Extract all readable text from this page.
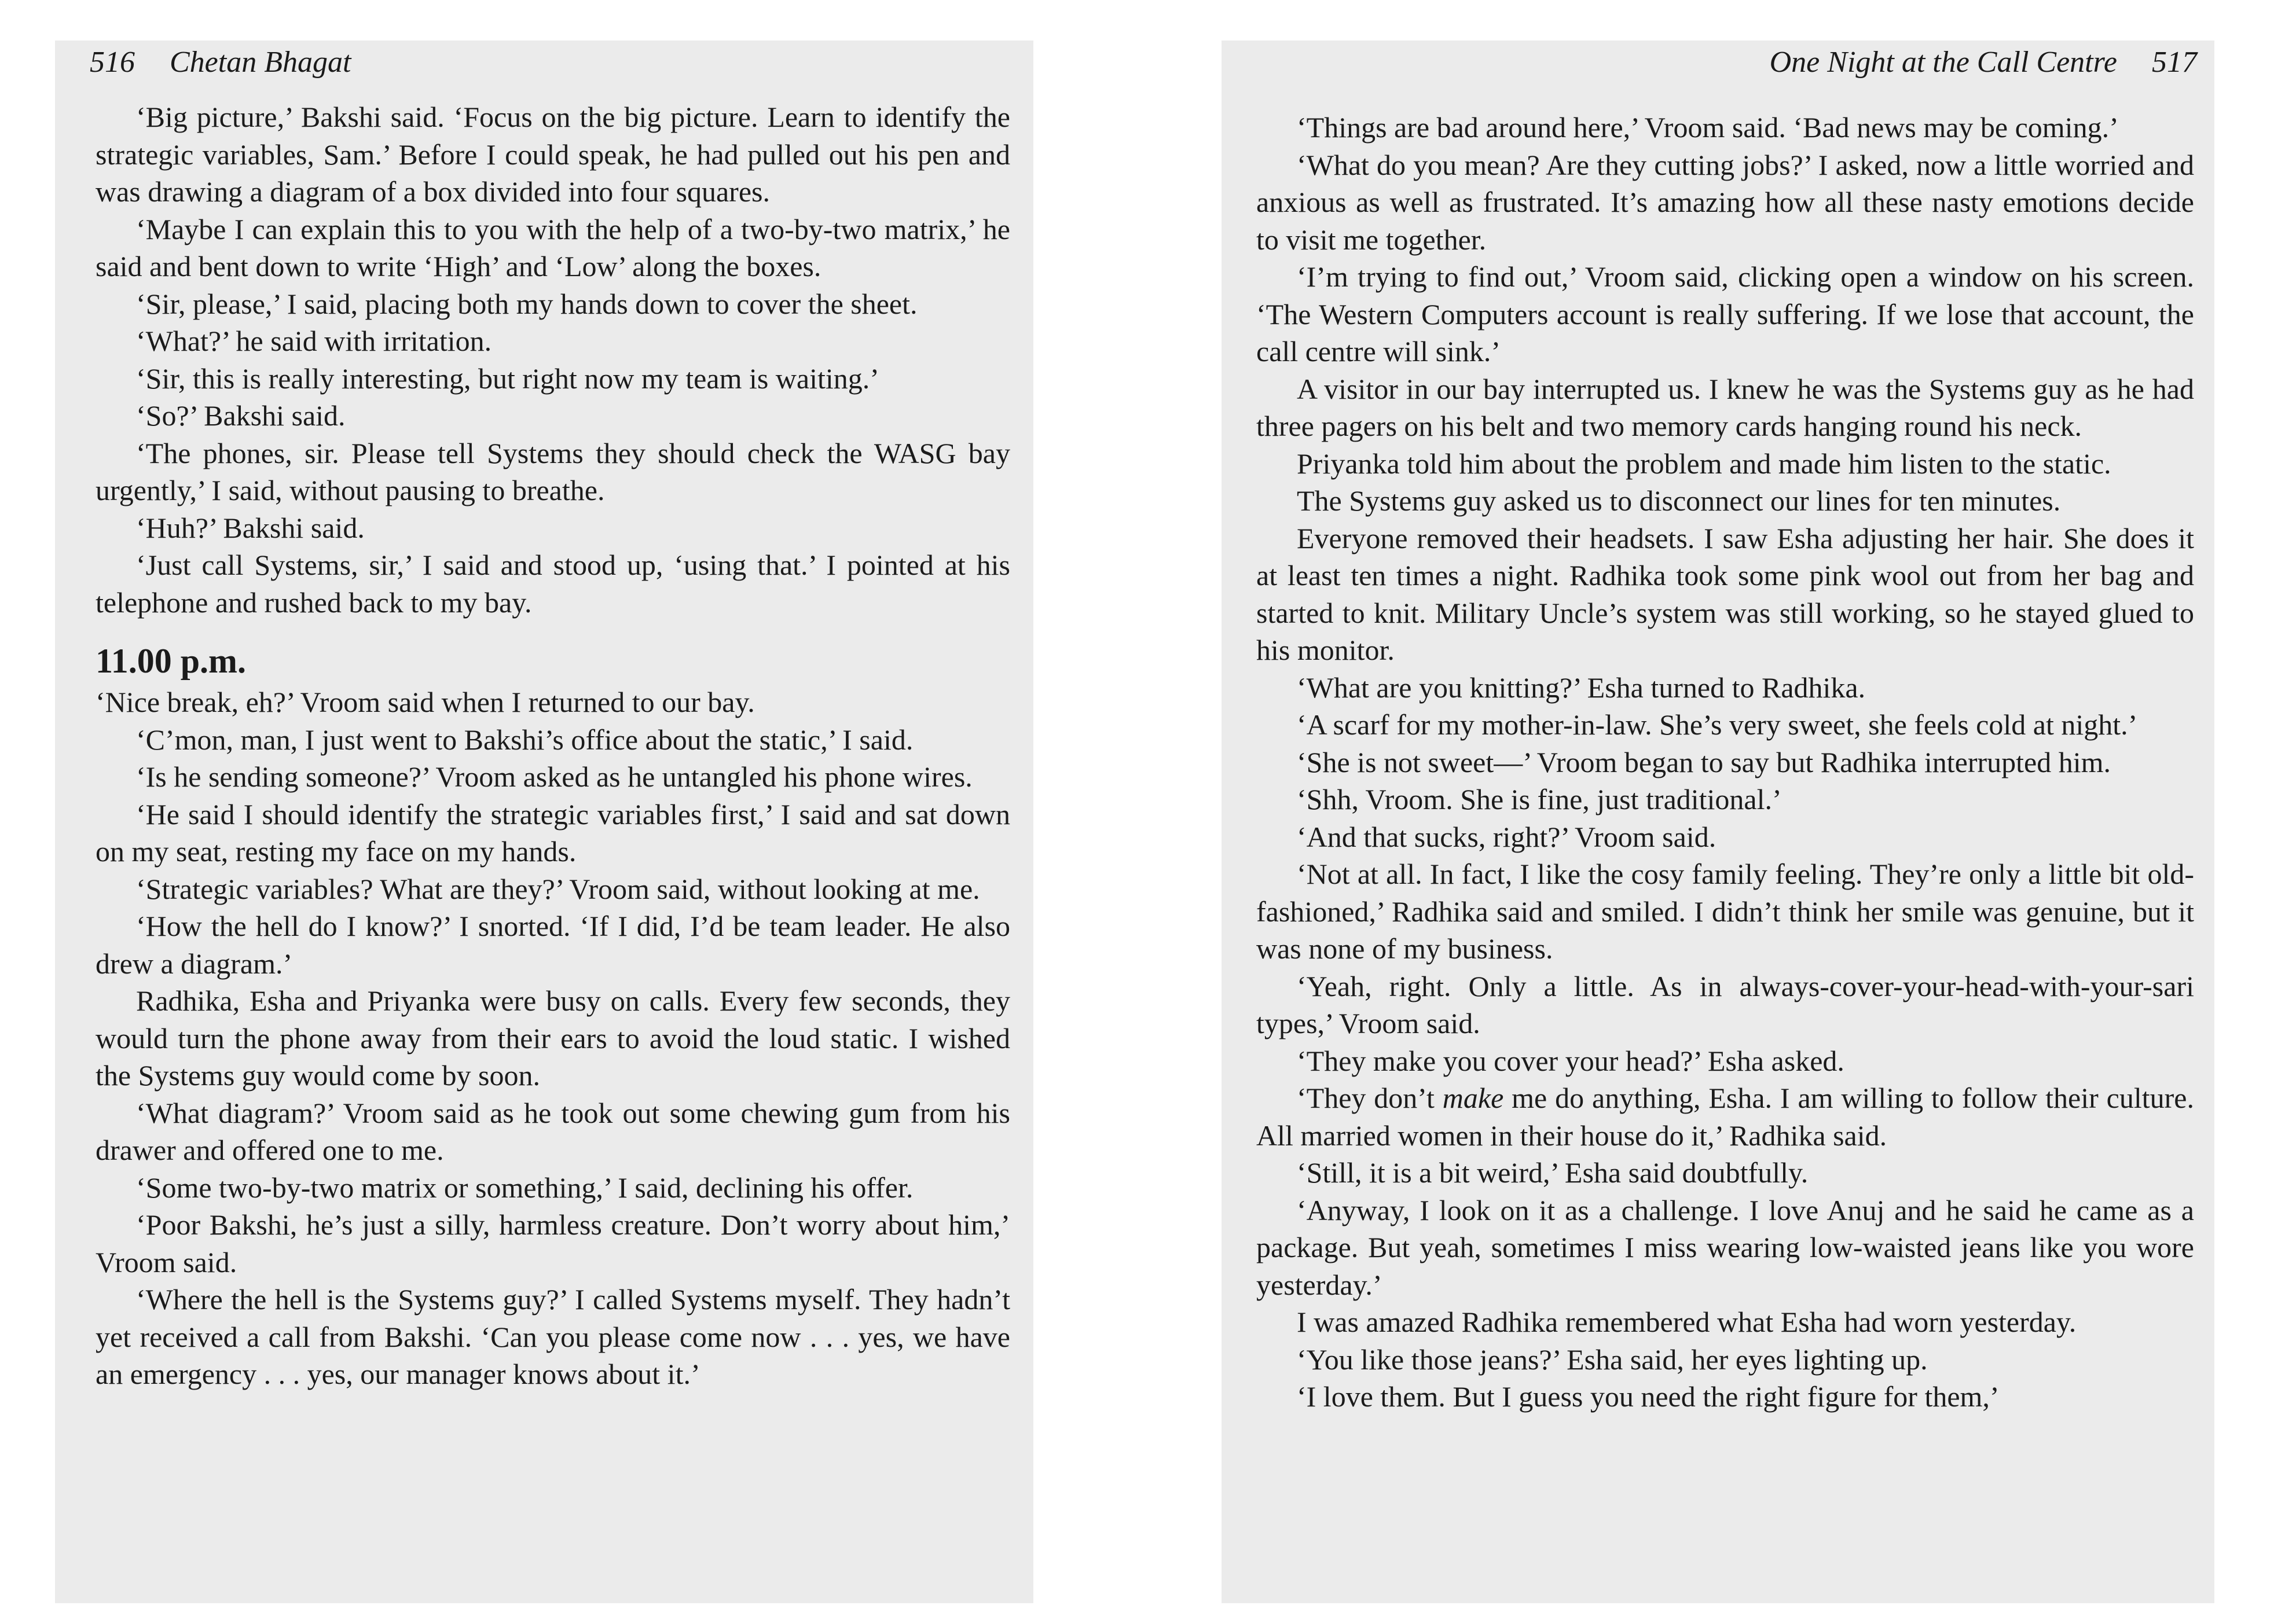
516 Chetan Bhagat

‘Big picture,’ Bakshi said. ‘Focus on the big picture. Learn to identify the strategic variables, Sam.’ Before I could speak, he had pulled out his pen and was drawing a diagram of a box divided into four squares.

‘Maybe I can explain this to you with the help of a two-by-two matrix,’ he said and bent down to write ‘High’ and ‘Low’ along the boxes.

‘Sir, please,’ I said, placing both my hands down to cover the sheet.

‘What?’ he said with irritation.

‘Sir, this is really interesting, but right now my team is waiting.’

‘So?’ Bakshi said.

‘The phones, sir. Please tell Systems they should check the WASG bay urgently,’ I said, without pausing to breathe.

‘Huh?’ Bakshi said.

‘Just call Systems, sir,’ I said and stood up, ‘using that.’ I pointed at his telephone and rushed back to my bay.

11.00 p.m.

‘Nice break, eh?’ Vroom said when I returned to our bay.

‘C’mon, man, I just went to Bakshi’s office about the static,’ I said.

‘Is he sending someone?’ Vroom asked as he untangled his phone wires.

‘He said I should identify the strategic variables first,’ I said and sat down on my seat, resting my face on my hands.

‘Strategic variables? What are they?’ Vroom said, without looking at me.

‘How the hell do I know?’ I snorted. ‘If I did, I’d be team leader. He also drew a diagram.’

Radhika, Esha and Priyanka were busy on calls. Every few seconds, they would turn the phone away from their ears to avoid the loud static. I wished the Systems guy would come by soon.

‘What diagram?’ Vroom said as he took out some chewing gum from his drawer and offered one to me.

‘Some two-by-two matrix or something,’ I said, declining his offer.

‘Poor Bakshi, he’s just a silly, harmless creature. Don’t worry about him,’ Vroom said.

‘Where the hell is the Systems guy?’ I called Systems myself. They hadn’t yet received a call from Bakshi. ‘Can you please come now . . . yes, we have an emergency . . . yes, our manager knows about it.’

One Night at the Call Centre 517

‘Things are bad around here,’ Vroom said. ‘Bad news may be coming.’

‘What do you mean? Are they cutting jobs?’ I asked, now a little worried and anxious as well as frustrated. It’s amazing how all these nasty emotions decide to visit me together.

‘I’m trying to find out,’ Vroom said, clicking open a window on his screen. ‘The Western Computers account is really suffering. If we lose that account, the call centre will sink.’

A visitor in our bay interrupted us. I knew he was the Systems guy as he had three pagers on his belt and two memory cards hanging round his neck.

Priyanka told him about the problem and made him listen to the static.

The Systems guy asked us to disconnect our lines for ten minutes.

Everyone removed their headsets. I saw Esha adjusting her hair. She does it at least ten times a night. Radhika took some pink wool out from her bag and started to knit. Military Uncle’s system was still working, so he stayed glued to his monitor.

‘What are you knitting?’ Esha turned to Radhika.

‘A scarf for my mother-in-law. She’s very sweet, she feels cold at night.’

‘She is not sweet—’ Vroom began to say but Radhika interrupted him.

‘Shh, Vroom. She is fine, just traditional.’

‘And that sucks, right?’ Vroom said.

‘Not at all. In fact, I like the cosy family feeling. They’re only a little bit old-fashioned,’ Radhika said and smiled. I didn’t think her smile was genuine, but it was none of my business.

‘Yeah, right. Only a little. As in always-cover-your-head-with-your-sari types,’ Vroom said.

‘They make you cover your head?’ Esha asked.

‘They don’t make me do anything, Esha. I am willing to follow their culture. All married women in their house do it,’ Radhika said.

‘Still, it is a bit weird,’ Esha said doubtfully.

‘Anyway, I look on it as a challenge. I love Anuj and he said he came as a package. But yeah, sometimes I miss wearing low-waisted jeans like you wore yesterday.’

I was amazed Radhika remembered what Esha had worn yesterday.

‘You like those jeans?’ Esha said, her eyes lighting up.

‘I love them. But I guess you need the right figure for them,’
